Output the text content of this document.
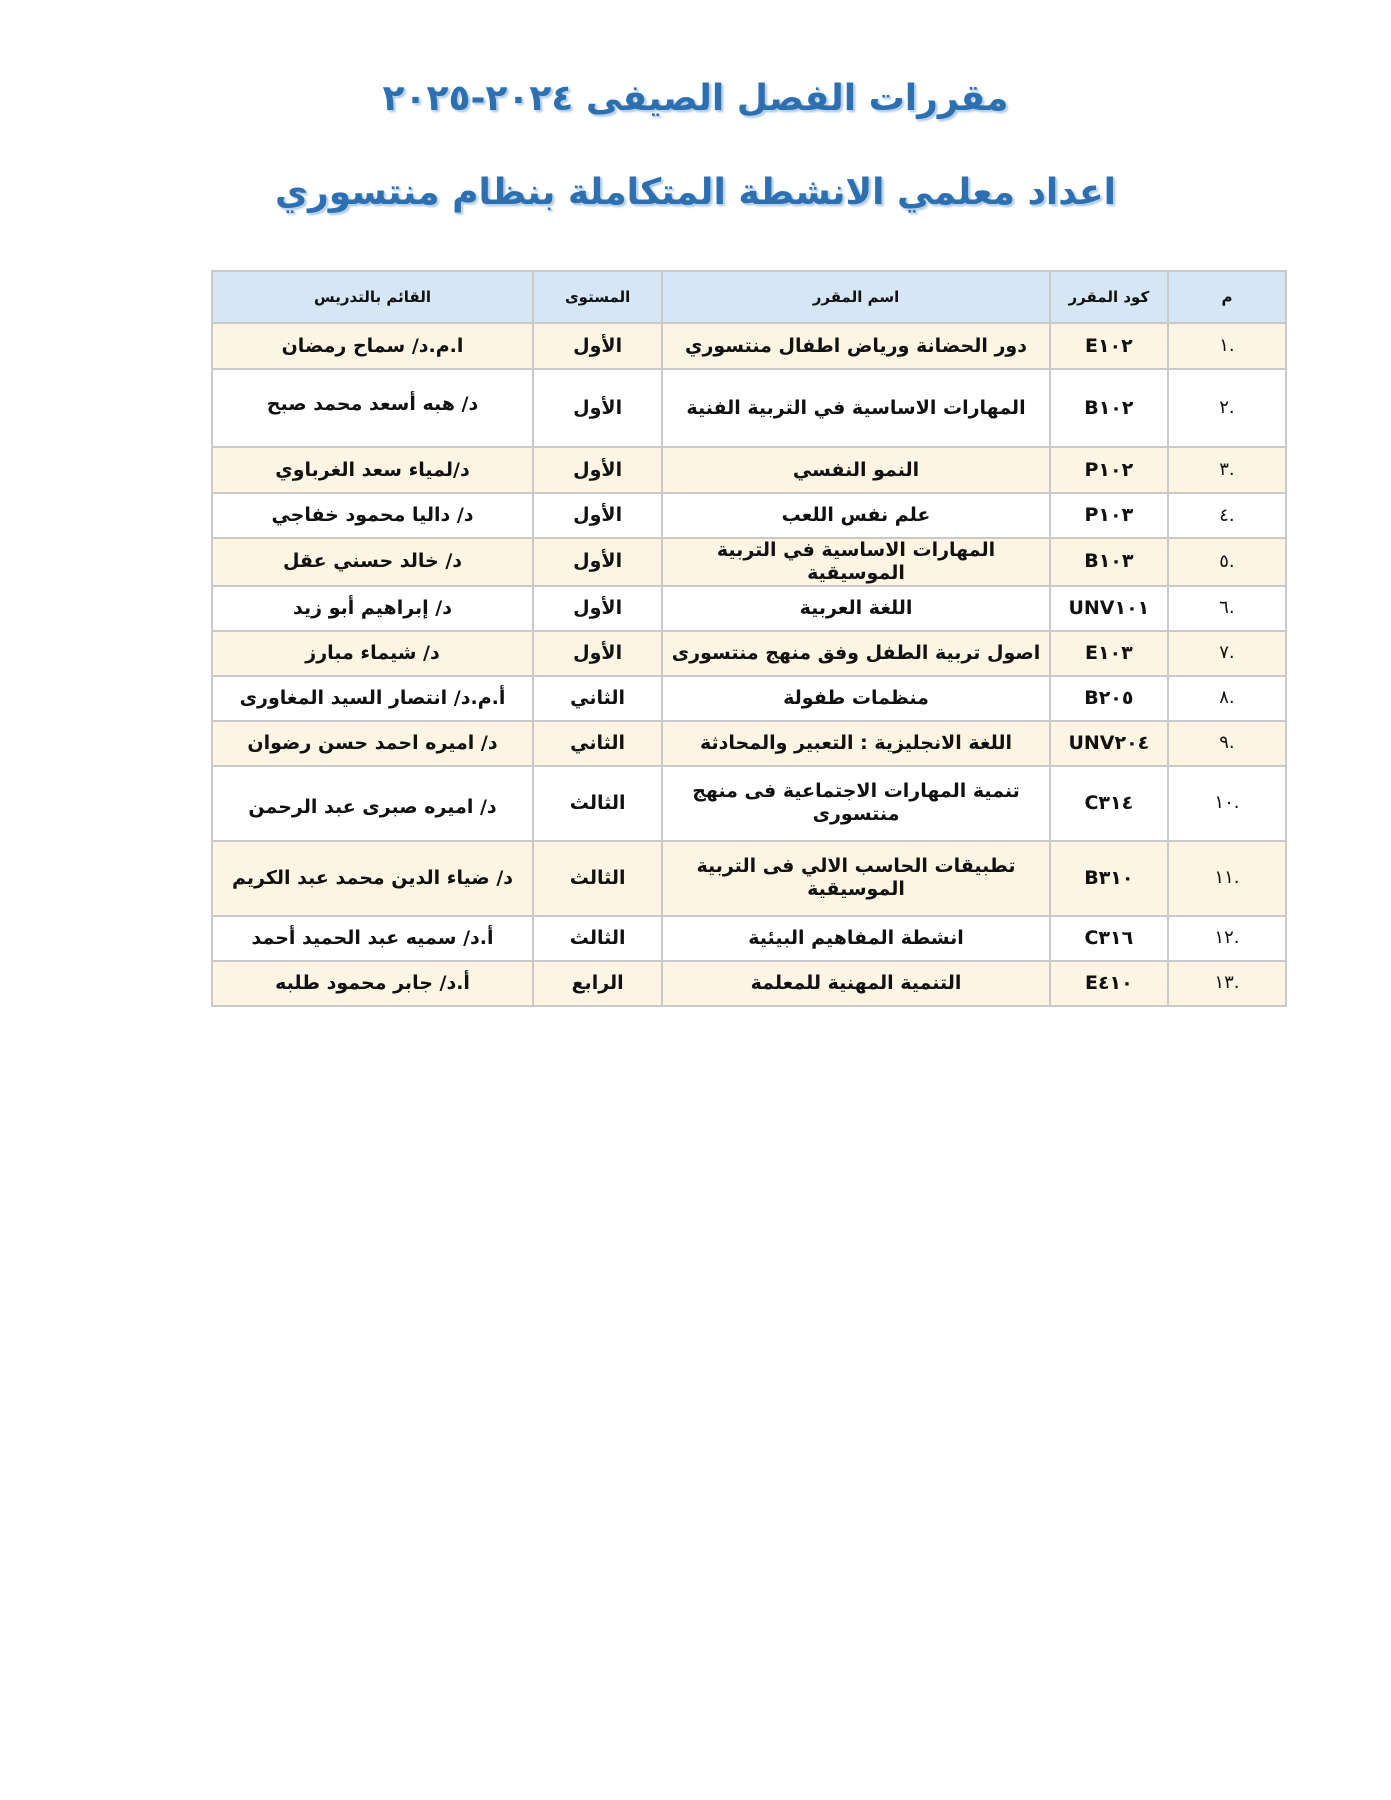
مقررات الفصل الصيفى ٢٠٢٤-٢٠٢٥
اعداد معلمي الانشطة المتكاملة بنظام منتسوري
م	كود المقرر	اسم المقرر	المستوى	القائم بالتدريس
.١	E١٠٢	دور الحضانة ورياض اطفال منتسوري	الأول	ا.م.د/ سماح رمضان
.٢	B١٠٢	المهارات الاساسية في التربية الفنية	الأول	د/ هبه أسعد محمد صبح
.٣	P١٠٢	النمو النفسي	الأول	د/لمياء سعد الغرباوي
.٤	P١٠٣	علم نفس اللعب	الأول	د/ داليا محمود خفاجي
.٥	B١٠٣	المهارات الاساسية في التربية الموسيقية	الأول	د/ خالد حسني عقل
.٦	UNV١٠١	اللغة العربية	الأول	د/ إبراهيم أبو زيد
.٧	E١٠٣	اصول تربية الطفل وفق منهج منتسورى	الأول	د/ شيماء مبارز
.٨	B٢٠٥	منظمات طفولة	الثاني	أ.م.د/ انتصار السيد المغاورى
.٩	UNV٢٠٤	اللغة الانجليزية : التعبير والمحادثة	الثاني	د/ اميره احمد حسن رضوان
.١٠	C٣١٤	تنمية المهارات الاجتماعية فى منهج منتسورى	الثالث	د/ اميره صبرى عبد الرحمن
.١١	B٣١٠	تطبيقات الحاسب الالي فى التربية الموسيقية	الثالث	د/ ضياء الدين محمد عبد الكريم
.١٢	C٣١٦	انشطة المفاهيم البيئية	الثالث	أ.د/ سميه عبد الحميد أحمد
.١٣	E٤١٠	التنمية المهنية للمعلمة	الرابع	أ.د/ جابر محمود طلبه
